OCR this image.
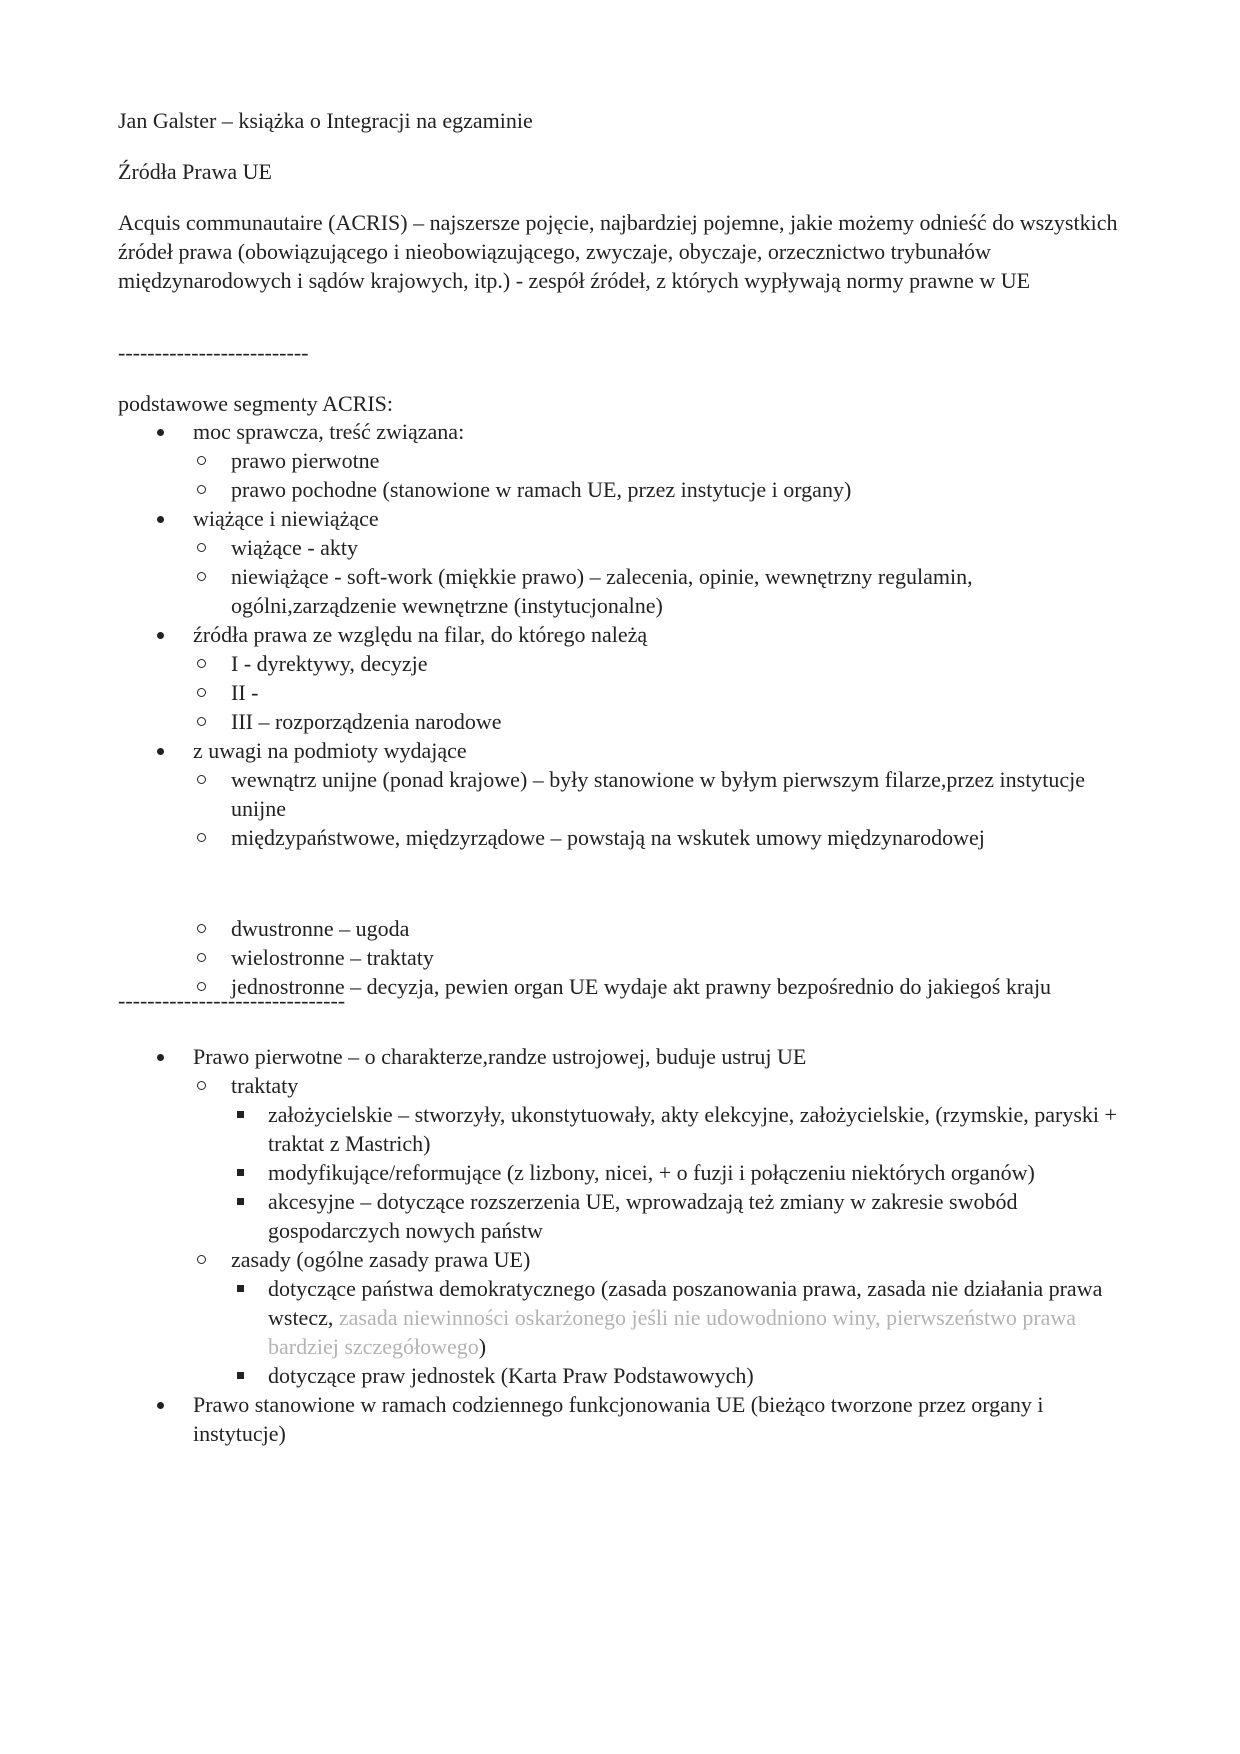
Jan Galster – książka o Integracji na egzaminie

Źródła Prawa UE

Acquis communautaire (ACRIS) – najszersze pojęcie, najbardziej pojemne, jakie możemy odnieść do wszystkich źródeł prawa (obowiązującego i nieobowiązującego, zwyczaje, obyczaje, orzecznictwo trybunałów międzynarodowych i sądów krajowych, itp.) - zespół źródeł, z których wypływają normy prawne w UE

--------------------------

podstawowe segmenty ACRIS:

moc sprawcza, treść związana:
prawo pierwotne
prawo pochodne (stanowione w ramach UE, przez instytucje i organy)
wiążące i niewiążące
wiążące - akty
niewiążące - soft-work (miękkie prawo) – zalecenia, opinie, wewnętrzny regulamin, ogólni,zarządzenie wewnętrzne (instytucjonalne)
źródła prawa ze względu na filar, do którego należą
I - dyrektywy, decyzje
II -
III – rozporządzenia narodowe
z uwagi na podmioty wydające
wewnątrz unijne (ponad krajowe) – były stanowione w byłym pierwszym filarze,przez instytucje unijne
międzypaństwowe, międzyrządowe – powstają na wskutek umowy międzynarodowej
dwustronne – ugoda
wielostronne – traktaty
jednostronne – decyzja, pewien organ UE wydaje akt prawny bezpośrednio do jakiegoś kraju

-------------------------------

Prawo pierwotne – o charakterze,randze ustrojowej, buduje ustruj UE
traktaty
założycielskie – stworzyły, ukonstytuowały, akty elekcyjne, założycielskie, (rzymskie, paryski + traktat z Mastrich)
modyfikujące/reformujące (z lizbony, nicei, + o fuzji i połączeniu niektórych organów)
akcesyjne – dotyczące rozszerzenia UE, wprowadzają też zmiany w zakresie swobód gospodarczych nowych państw
zasady (ogólne zasady prawa UE)
dotyczące państwa demokratycznego (zasada poszanowania prawa, zasada nie działania prawa wstecz, zasada niewinności oskarżonego jeśli nie udowodniono winy, pierwszeństwo prawa bardziej szczegółowego)
dotyczące praw jednostek (Karta Praw Podstawowych)
Prawo stanowione w ramach codziennego funkcjonowania UE (bieżąco tworzone przez organy i instytucje)
